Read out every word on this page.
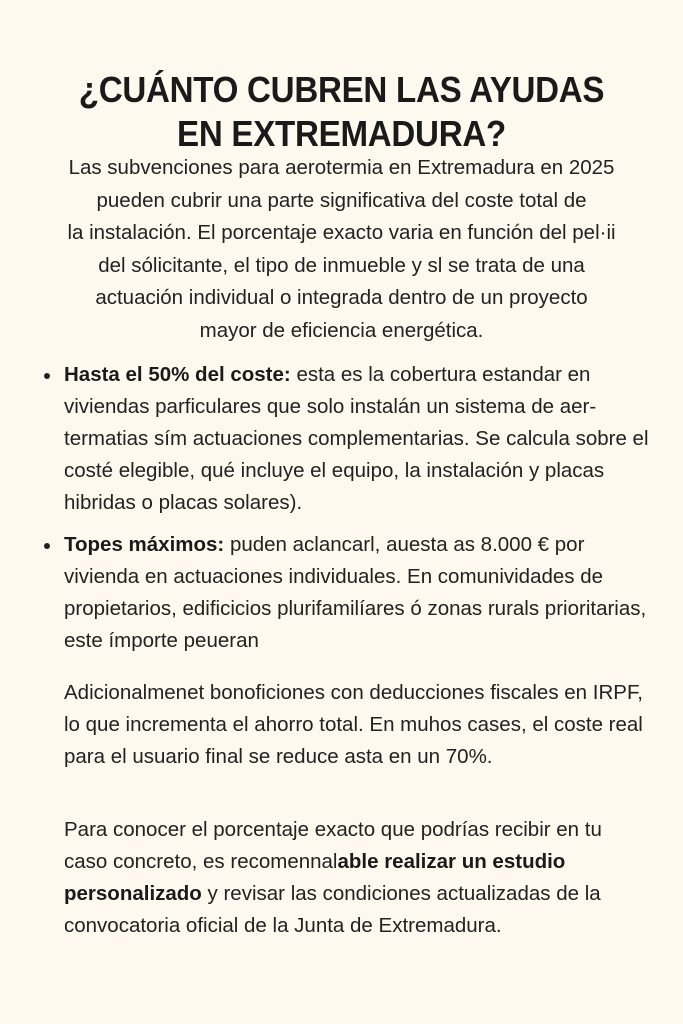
¿CUÁNTO CUBREN LAS AYUDAS
EN EXTREMADURA?
Las subvenciones para aerotermia en Extremadura en 2025
pueden cubrir una parte significativa del coste total de
la instalación. El porcentaje exacto varia en función del pel·ii
del sólicitante, el tipo de inmueble y sl se trata de una
actuación individual o integrada dentro de un proyecto
mayor de eficiencia energética.
Hasta el 50% del coste: esta es la cobertura estandar en viviendas parficulares que solo instalán un sistema de aer-termatias sím actuaciones complementarias. Se calcula sobre el costé elegible, qué incluye el equipo, la instalación y placas hibridas o placas solares).
Topes máximos: puden aclancarl, auesta as 8.000 € por vivienda en actuaciones individuales. En comunividades de propietarios, edificicios plurifamilíares ó zonas rurals prioritarias, este ímporte peueran

Adicionalmenet bonoficiones con deducciones fiscales en IRPF, lo que incrementa el ahorro total. En muhos cases, el coste real para el usuario final se reduce asta en un 70%.

Para conocer el porcentaje exacto que podrías recibir en tu caso concreto, es recomennalable realizar un estudio personalizado y revisar las condiciones actualizadas de la convocatoria oficial de la Junta de Extremadura.
